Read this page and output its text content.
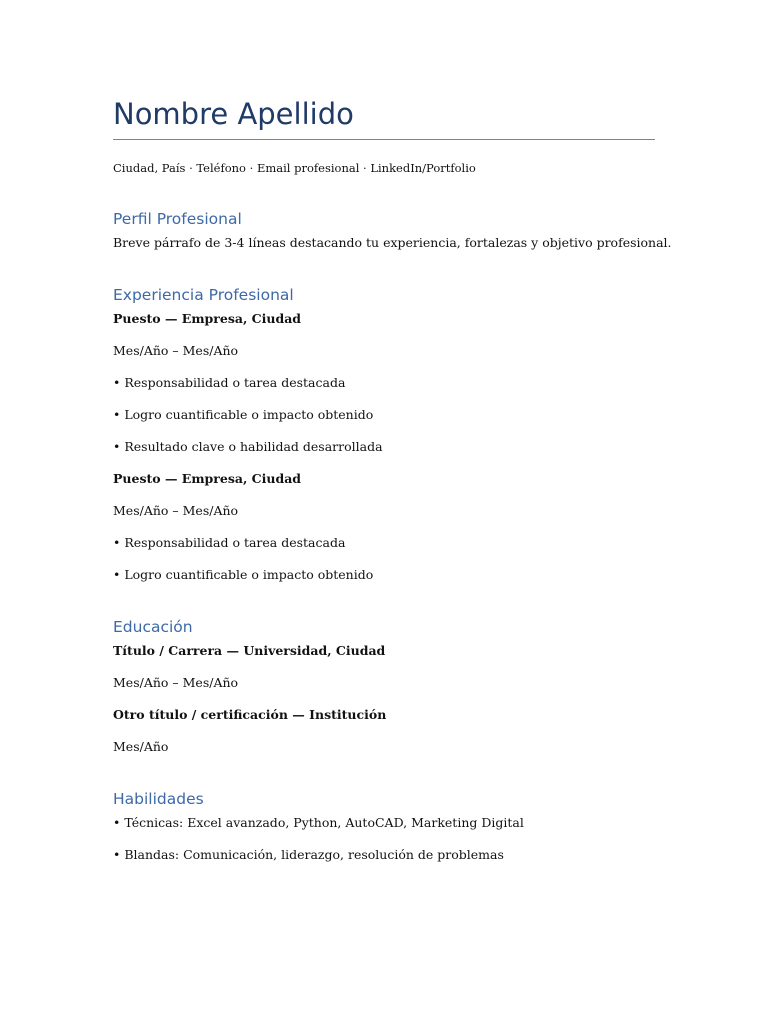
Nombre Apellido
Ciudad, País · Teléfono · Email profesional · LinkedIn/Portfolio
Perfil Profesional
Breve párrafo de 3-4 líneas destacando tu experiencia, fortalezas y objetivo profesional.
Experiencia Profesional
Puesto — Empresa, Ciudad
Mes/Año – Mes/Año
• Responsabilidad o tarea destacada
• Logro cuantificable o impacto obtenido
• Resultado clave o habilidad desarrollada
Puesto — Empresa, Ciudad
Mes/Año – Mes/Año
• Responsabilidad o tarea destacada
• Logro cuantificable o impacto obtenido
Educación
Título / Carrera — Universidad, Ciudad
Mes/Año – Mes/Año
Otro título / certificación — Institución
Mes/Año
Habilidades
• Técnicas: Excel avanzado, Python, AutoCAD, Marketing Digital
• Blandas: Comunicación, liderazgo, resolución de problemas
